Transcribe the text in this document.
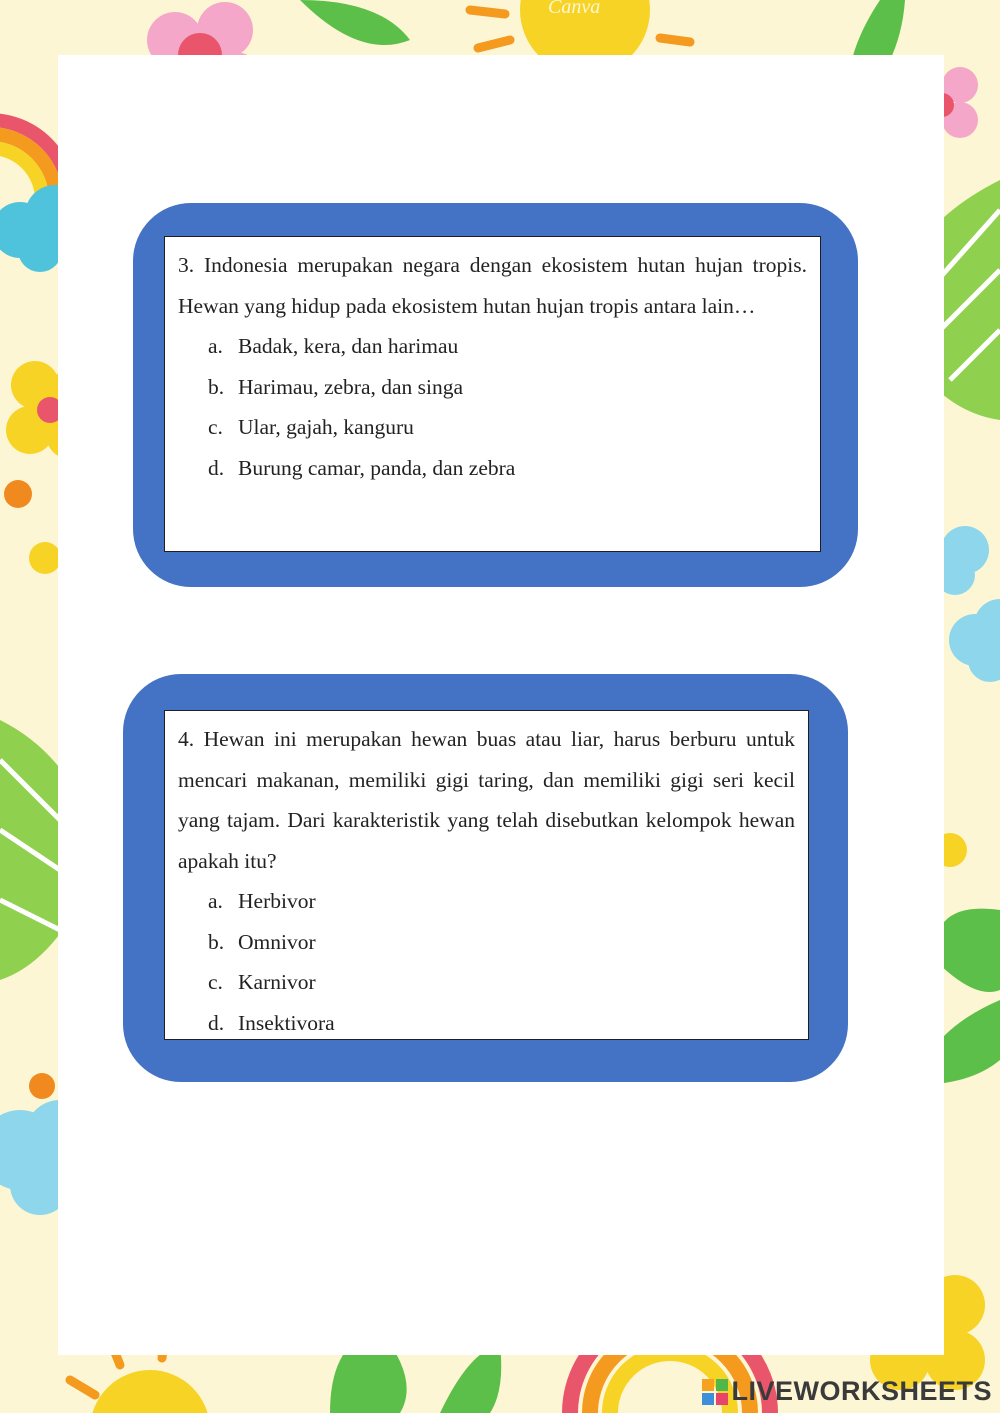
Canva

3. Indonesia merupakan negara dengan ekosistem hutan hujan tropis. Hewan yang hidup pada ekosistem hutan hujan tropis antara lain…

a. Badak, kera, dan harimau
b. Harimau, zebra, dan singa
c. Ular, gajah, kanguru
d. Burung camar, panda, dan zebra

4. Hewan ini merupakan hewan buas atau liar, harus berburu untuk mencari makanan, memiliki gigi taring, dan memiliki gigi seri kecil yang tajam. Dari karakteristik yang telah disebutkan kelompok hewan apakah itu?

a. Herbivor
b. Omnivor
c. Karnivor
d. Insektivora
LIVEWORKSHEETS
